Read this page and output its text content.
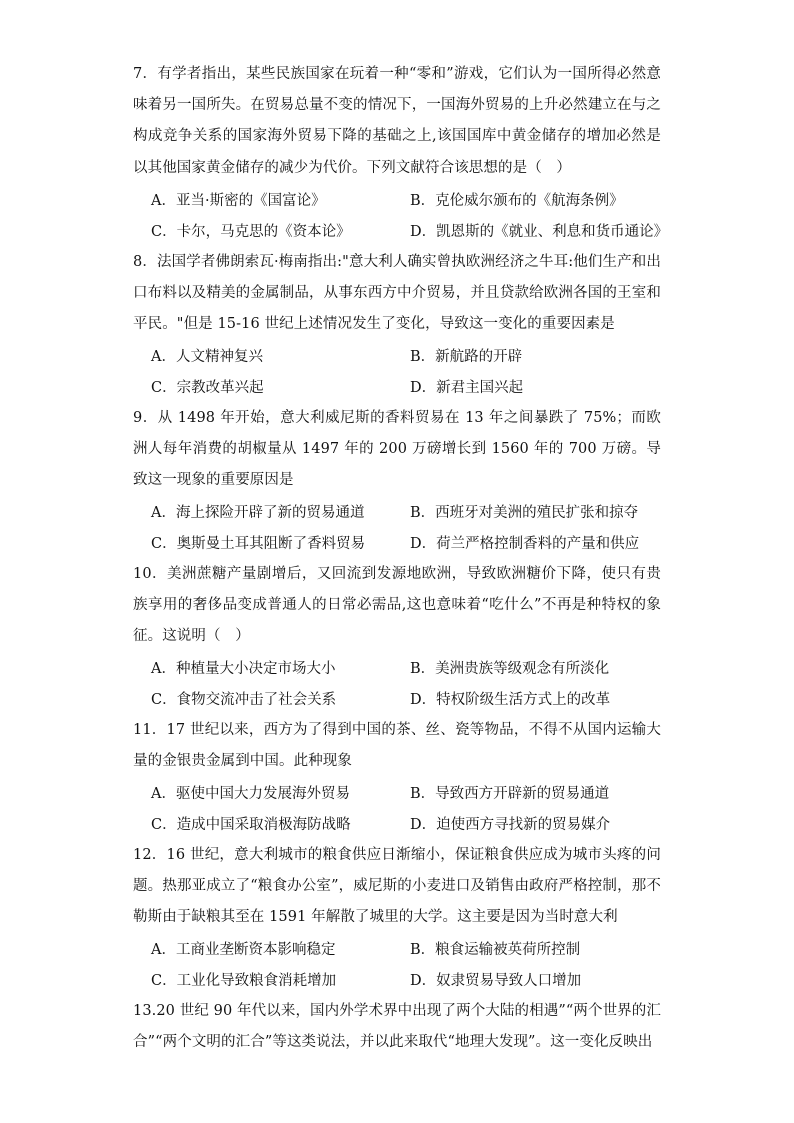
7．有学者指出，某些民族国家在玩着一种“零和”游戏，它们认为一国所得必然意味着另一国所失。在贸易总量不变的情况下，一国海外贸易的上升必然建立在与之构成竞争关系的国家海外贸易下降的基础之上,该国国库中黄金储存的增加必然是以其他国家黄金储存的减少为代价。下列文献符合该思想的是（　）
A．亚当·斯密的《国富论》	B．克伦威尔颁布的《航海条例》
C．卡尔，马克思的《资本论》	D．凯恩斯的《就业、利息和货币通论》
8．法国学者佛朗索瓦·梅南指出:"意大利人确实曾执欧洲经济之牛耳:他们生产和出口布料以及精美的金属制品，从事东西方中介贸易，并且贷款给欧洲各国的王室和平民。"但是 15-16 世纪上述情况发生了变化，导致这一变化的重要因素是
A．人文精神复兴	B．新航路的开辟
C．宗教改革兴起	D．新君主国兴起
9．从 1498 年开始，意大利威尼斯的香料贸易在 13 年之间暴跌了 75%；而欧洲人每年消费的胡椒量从 1497 年的 200 万磅增长到 1560 年的 700 万磅。导致这一现象的重要原因是
A．海上探险开辟了新的贸易通道	B．西班牙对美洲的殖民扩张和掠夺
C．奥斯曼土耳其阻断了香料贸易	D．荷兰严格控制香料的产量和供应
10．美洲蔗糖产量剧增后，又回流到发源地欧洲，导致欧洲糖价下降，使只有贵族享用的奢侈品变成普通人的日常必需品,这也意味着“吃什么”不再是种特权的象征。这说明（　）
A．种植量大小决定市场大小	B．美洲贵族等级观念有所淡化
C．食物交流冲击了社会关系	D．特权阶级生活方式上的改革
11．17 世纪以来，西方为了得到中国的茶、丝、瓷等物品，不得不从国内运输大量的金银贵金属到中国。此种现象
A．驱使中国大力发展海外贸易	B．导致西方开辟新的贸易通道
C．造成中国采取消极海防战略	D．迫使西方寻找新的贸易媒介
12．16 世纪，意大利城市的粮食供应日渐缩小，保证粮食供应成为城市头疼的问题。热那亚成立了“粮食办公室”，威尼斯的小麦进口及销售由政府严格控制，那不勒斯由于缺粮其至在 1591 年解散了城里的大学。这主要是因为当时意大利
A．工商业垄断资本影响稳定	B．粮食运输被英荷所控制
C．工业化导致粮食消耗增加	D．奴隶贸易导致人口增加
13.20 世纪 90 年代以来，国内外学术界中出现了两个大陆的相遇”“两个世界的汇合”“两个文明的汇合”等这类说法，并以此来取代“地理大发现”。这一变化反映出
